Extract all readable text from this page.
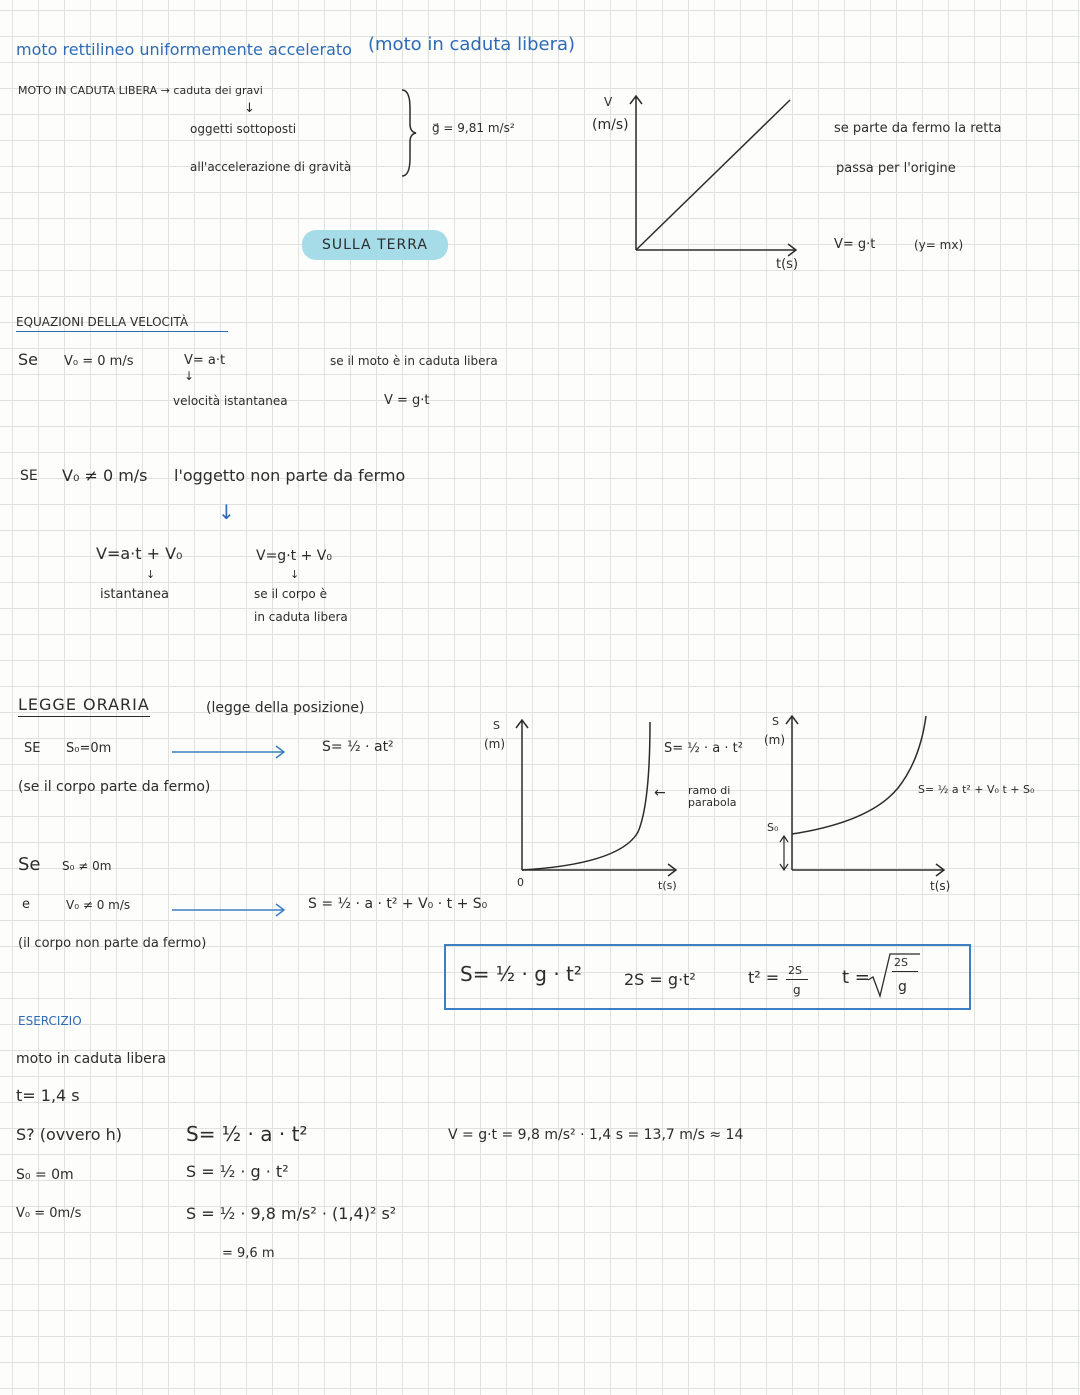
moto rettilineo uniformemente accelerato (moto in caduta libera)
MOTO IN CADUTA LIBERA → caduta dei gravi
↓
oggetti sottoposti
all'accelerazione di gravità
g⃗ = 9,81 m/s²
SULLA TERRA
V
(m/s)
t(s)
se parte da fermo la retta
passa per l'origine
V= g·t	(y= mx)
EQUAZIONI DELLA VELOCITÀ
Se V₀ = 0 m/s	V= a·t
↓
velocità istantanea
se il moto è in caduta libera
V = g·t
SE V₀ ≠ 0 m/s l'oggetto non parte da fermo
↓
V=a·t + V₀
↓
istantanea
V=g·t + V₀
↓
se il corpo è
in caduta libera
LEGGE ORARIA	(legge della posizione)
SE S₀=0m	S= ½ · at²
(se il corpo parte da fermo)
Se S₀ ≠ 0m
e	V₀ ≠ 0 m/s	S = ½ · a · t² + V₀ · t + S₀
(il corpo non parte da fermo)
S
(m)
0	t(s)
S= ½ · a · t²
← ramo di
parabola
S
(m)
S₀
t(s)
S= ½ a t² + V₀ t + S₀
S= ½ · g · t²	2S = g·t²	t² = 2S
g
t =
2S
g
ESERCIZIO
moto in caduta libera
t= 1,4 s
S? (ovvero h)
S₀ = 0m
V₀ = 0m/s
S= ½ · a · t²
S = ½ · g · t²
S = ½ · 9,8 m/s² · (1,4)² s²
= 9,6 m
V = g·t = 9,8 m/s² · 1,4 s = 13,7 m/s ≈ 14
